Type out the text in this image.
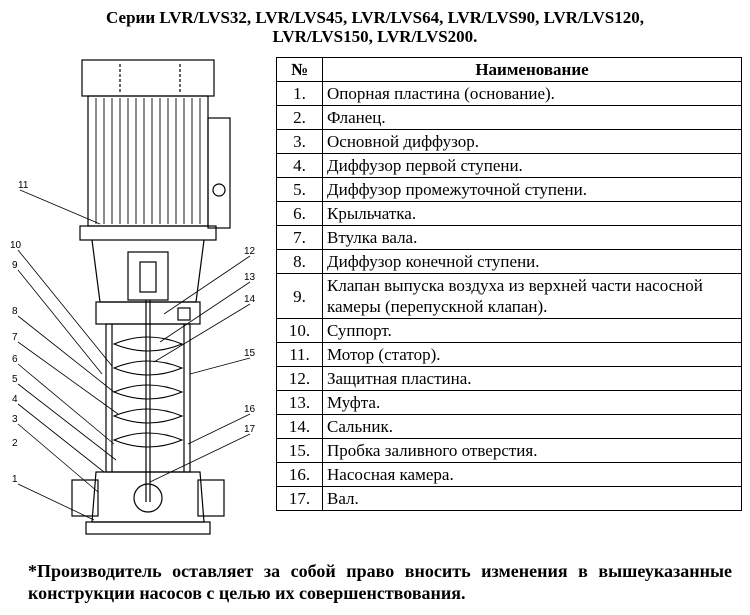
Серии LVR/LVS32, LVR/LVS45, LVR/LVS64, LVR/LVS90, LVR/LVS120,
LVR/LVS150, LVR/LVS200.
11
10
9
8
7
6
5
4
3
2
1
12
13
14
15
16
17
№	Наименование
1.	Опорная пластина (основание).
2.	Фланец.
3.	Основной диффузор.
4.	Диффузор первой ступени.
5.	Диффузор промежуточной ступени.
6.	Крыльчатка.
7.	Втулка вала.
8.	Диффузор конечной ступени.
9.	Клапан выпуска воздуха из верхней части насосной камеры (перепускной клапан).
10.	Суппорт.
11.	Мотор (статор).
12.	Защитная пластина.
13.	Муфта.
14.	Сальник.
15.	Пробка заливного отверстия.
16.	Насосная камера.
17.	Вал.
*Производитель оставляет за собой право вносить изменения в вышеуказанные конструкции насосов с целью их совершенствования.
